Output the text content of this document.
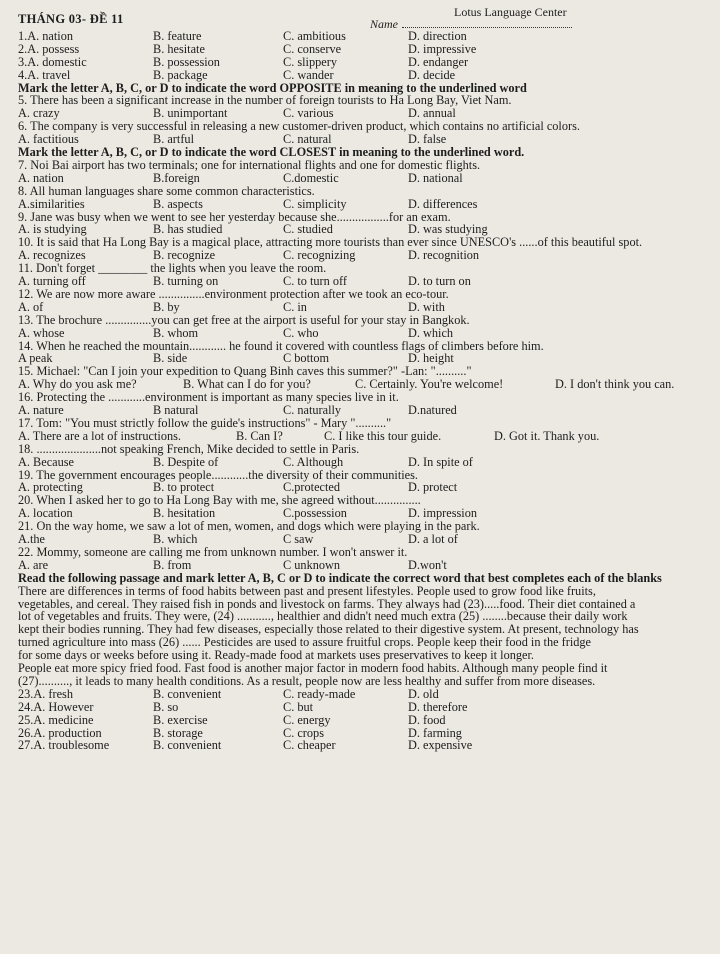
THÁNG 03- ĐỀ 11	Lotus Language Center
Name
1.A. nation	B. feature	C. ambitious	D. direction
2.A. possess	B. hesitate	C. conserve	D. impressive
3.A. domestic	B. possession	C. slippery	D. endanger
4.A. travel	B. package	C. wander	D. decide
Mark the letter A, B, C, or D to indicate the word OPPOSITE in meaning to the underlined word
5. There has been a significant increase in the number of foreign tourists to Ha Long Bay, Viet Nam.
A. crazy	B. unimportant	C. various	D. annual
6. The company is very successful in releasing a new customer-driven product, which contains no artificial colors.
A. factitious	B. artful	C. natural	D. false
Mark the letter A, B, C, or D to indicate the word CLOSEST in meaning to the underlined word.
7. Noi Bai airport has two terminals; one for international flights and one for domestic flights.
A. nation	B.foreign	C.domestic	D. national
8. All human languages share some common characteristics.
A.similarities	B. aspects	C. simplicity	D. differences
9. Jane was busy when we went to see her yesterday because she.................for an exam.
A. is studying	B. has studied	C. studied	D. was studying
10. It is said that Ha Long Bay is a magical place, attracting more tourists than ever since UNESCO's ......of this beautiful spot.
A. recognizes	B. recognize	C. recognizing	D. recognition
11. Don't forget ________ the lights when you leave the room.
A. turning off	B. turning on	C. to turn off	D. to turn on
12. We are now more aware ...............environment protection after we took an eco-tour.
A. of	B. by	C. in	D. with
13. The brochure ...............you can get free at the airport is useful for your stay in Bangkok.
A. whose	B. whom	C. who	D. which
14. When he reached the mountain............ he found it covered with countless flags of climbers before him.
A peak	B. side	C bottom	D. height
15. Michael: "Can I join your expedition to Quang Binh caves this summer?" -Lan: ".........."
A. Why do you ask me?	B. What can I do for you?	C. Certainly. You're welcome!	D. I don't think you can.
16. Protecting the ............environment is important as many species live in it.
A. nature	B natural	C. naturally	D.natured
17. Tom: "You must strictly follow the guide's instructions" - Mary ".........."
A. There are a lot of instructions.	B. Can I?	C. I like this tour guide.	D. Got it. Thank you.
18. .....................not speaking French, Mike decided to settle in Paris.
A. Because	B. Despite of	C. Although	D. In spite of
19. The government encourages people............the diversity of their communities.
A. protecting	B. to protect	C.protected	D. protect
20. When I asked her to go to Ha Long Bay with me, she agreed without...............
A. location	B. hesitation	C.possession	D. impression
21. On the way home, we saw a lot of men, women, and dogs which were playing in the park.
A.the	B. which	C saw	D. a lot of
22. Mommy, someone are calling me from unknown number. I won't answer it.
A. are	B. from	C unknown	D.won't
Read the following passage and mark letter A, B, C or D to indicate the correct word that best completes each of the blanks
There are differences in terms of food habits between past and present lifestyles. People used to grow food like fruits,
vegetables, and cereal. They raised fish in ponds and livestock on farms. They always had (23).....food. Their diet contained a
lot of vegetables and fruits. They were, (24) ..........., healthier and didn't need much extra (25) ........because their daily work
kept their bodies running. They had few diseases, especially those related to their digestive system. At present, technology has
turned agriculture into mass (26) ...... Pesticides are used to assure fruitful crops. People keep their food in the fridge
for some days or weeks before using it. Ready-made food at markets uses preservatives to keep it longer.
People eat more spicy fried food. Fast food is another major factor in modern food habits. Although many people find it
(27).........., it leads to many health conditions. As a result, people now are less healthy and suffer from more diseases.
23.A. fresh	B. convenient	C. ready-made	D. old
24.A. However	B. so	C. but	D. therefore
25.A. medicine	B. exercise	C. energy	D. food
26.A. production	B. storage	C. crops	D. farming
27.A. troublesome	B. convenient	C. cheaper	D. expensive
